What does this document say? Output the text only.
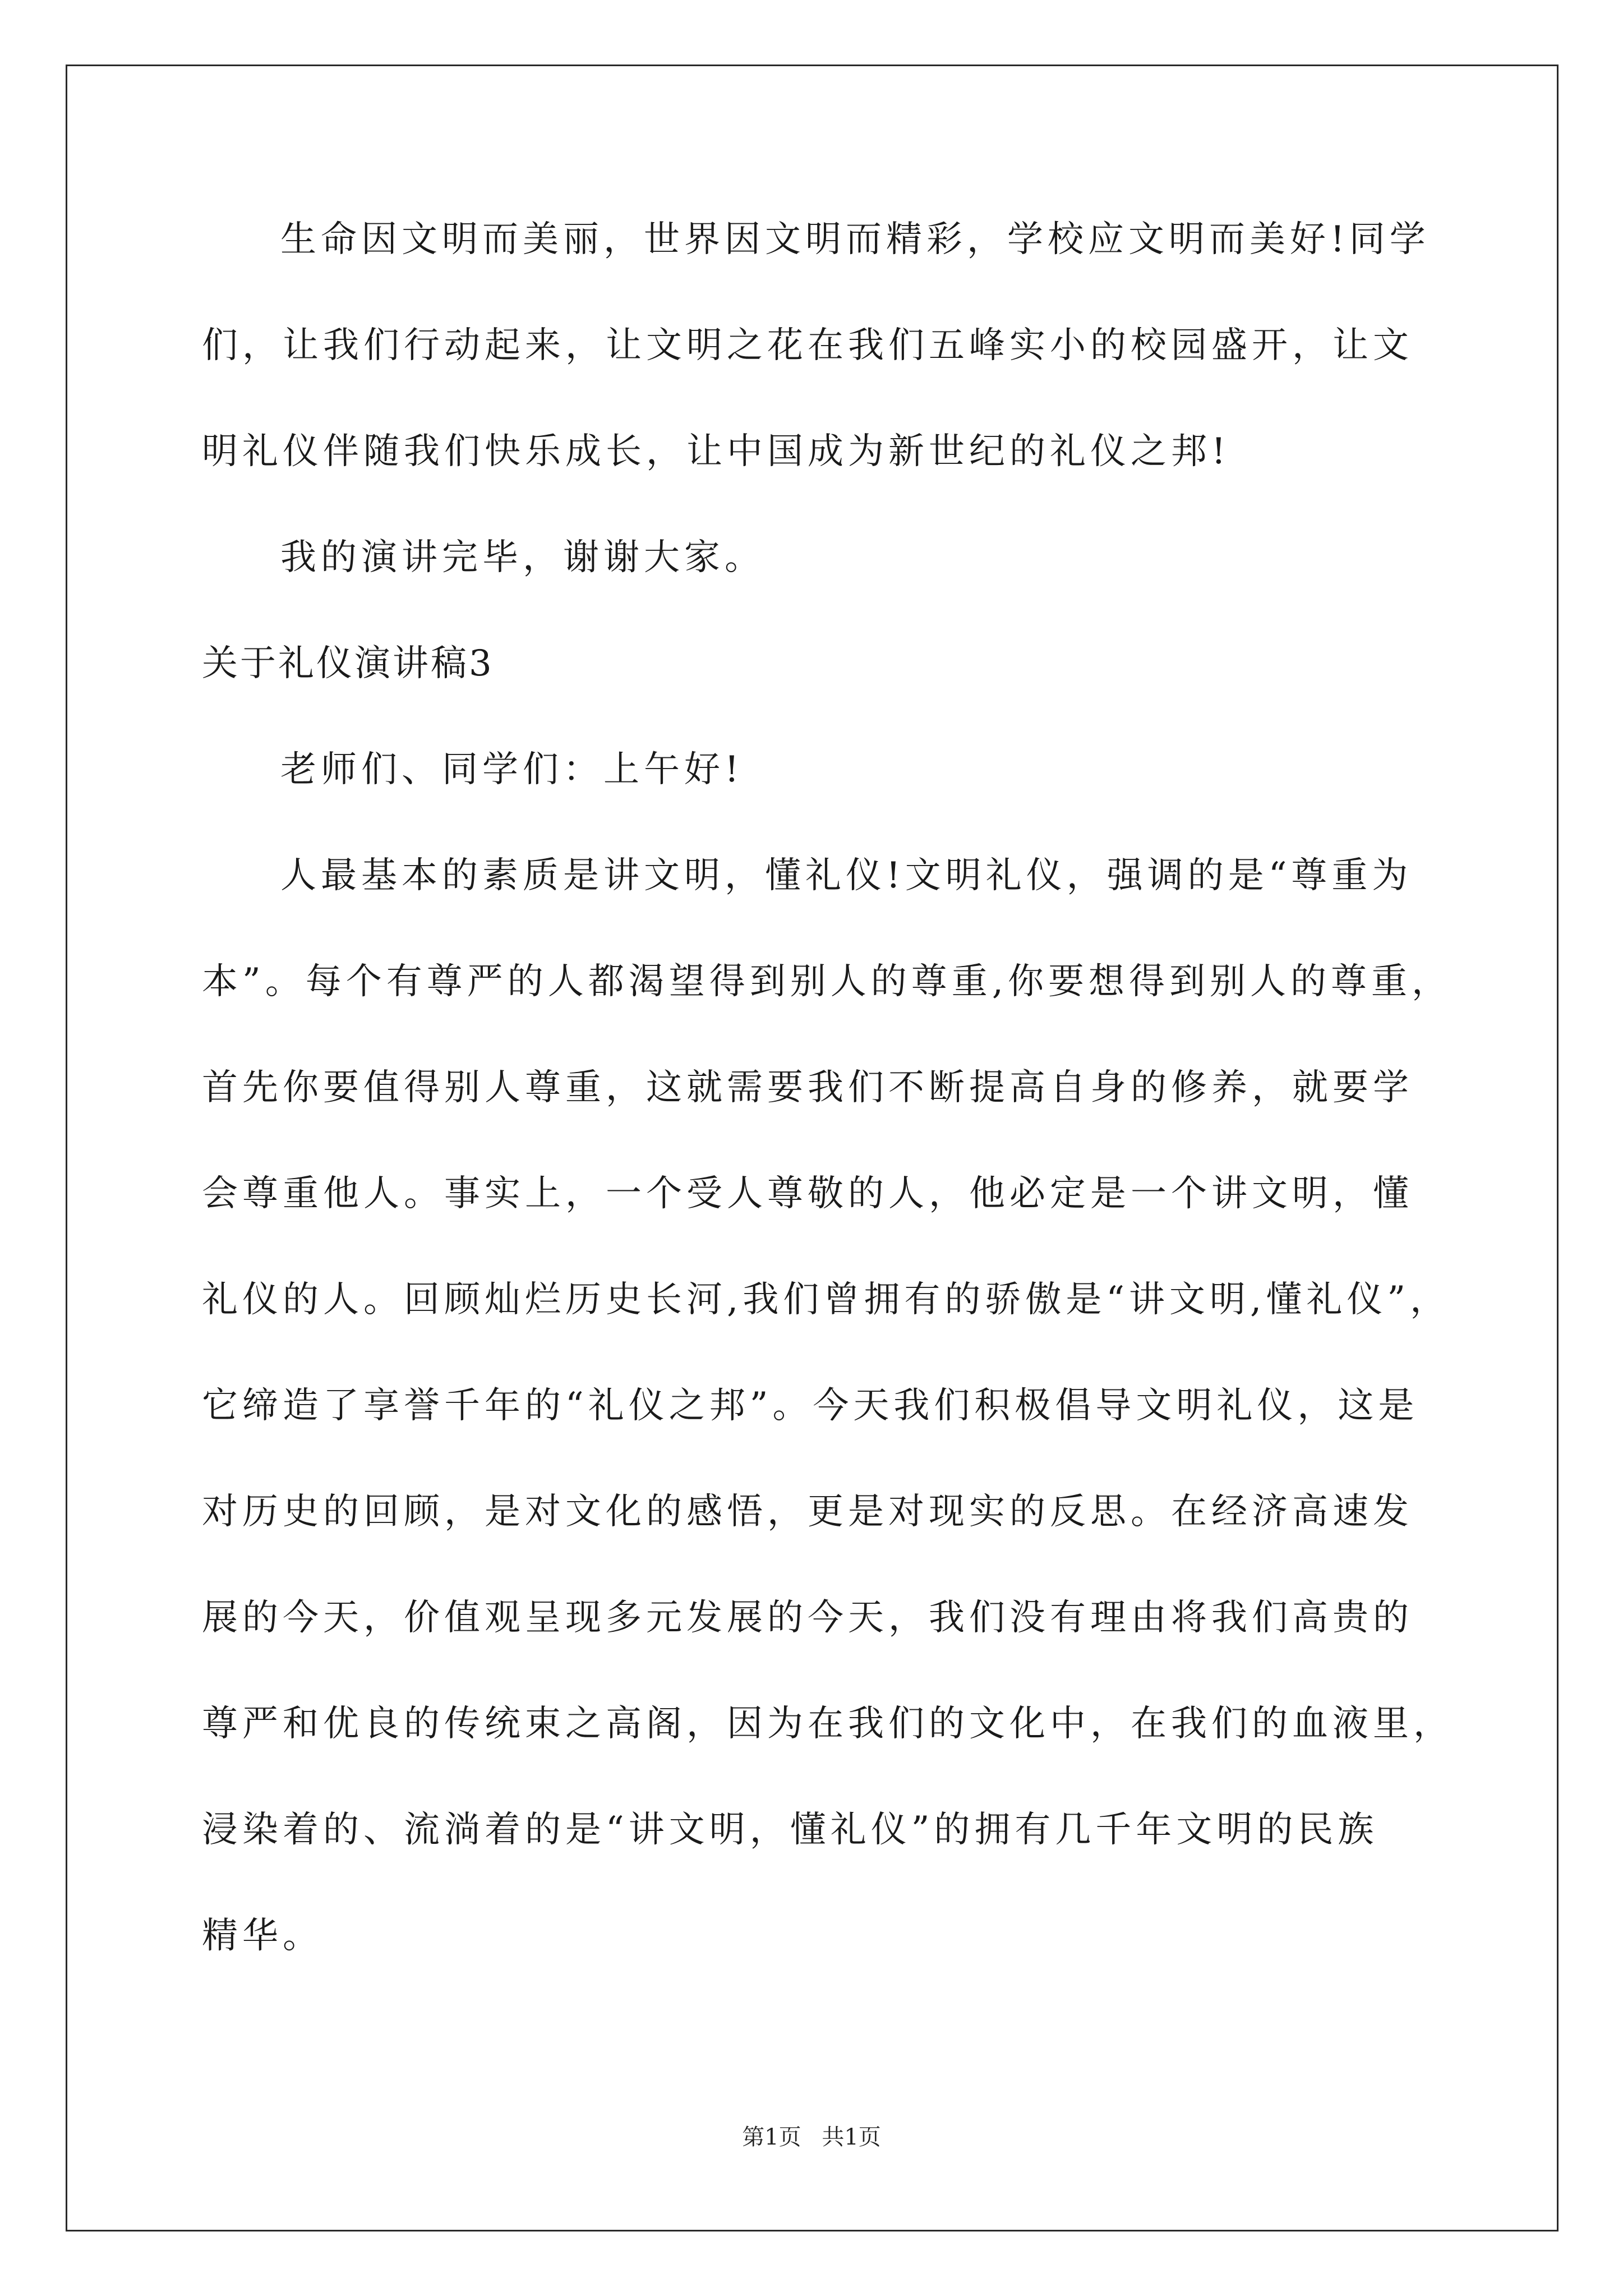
生命因文明而美丽，世界因文明而精彩，学校应文明而美好!同学
们，让我们行动起来，让文明之花在我们五峰实小的校园盛开，让文
明礼仪伴随我们快乐成长，让中国成为新世纪的礼仪之邦!
我的演讲完毕，谢谢大家。
关于礼仪演讲稿3
老师们、同学们：上午好!
人最基本的素质是讲文明，懂礼仪!文明礼仪，强调的是“尊重为
本”。每个有尊严的人都渴望得到别人的尊重,你要想得到别人的尊重，
首先你要值得别人尊重，这就需要我们不断提高自身的修养，就要学
会尊重他人。事实上，一个受人尊敬的人，他必定是一个讲文明，懂
礼仪的人。回顾灿烂历史长河,我们曾拥有的骄傲是“讲文明,懂礼仪”，
它缔造了享誉千年的“礼仪之邦”。今天我们积极倡导文明礼仪，这是
对历史的回顾，是对文化的感悟，更是对现实的反思。在经济高速发
展的今天，价值观呈现多元发展的今天，我们没有理由将我们高贵的
尊严和优良的传统束之高阁，因为在我们的文化中，在我们的血液里，
浸染着的、流淌着的是“讲文明，懂礼仪”的拥有几千年文明的民族
精华。
第1页 共1页
